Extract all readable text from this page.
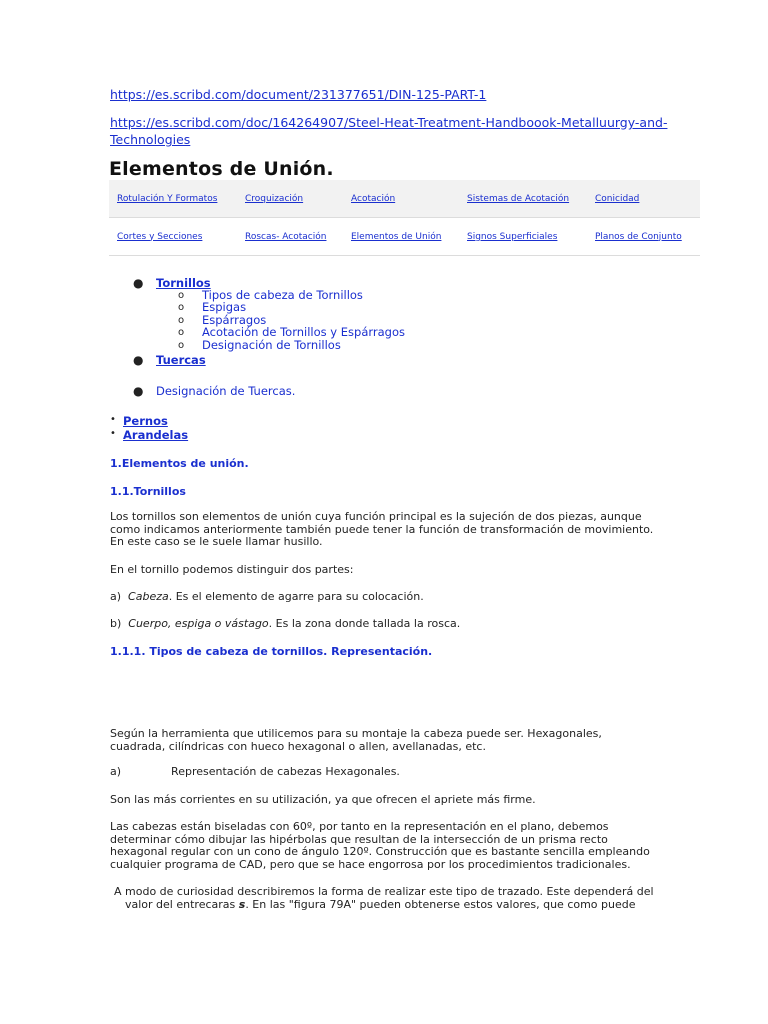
https://es.scribd.com/document/231377651/DIN-125-PART-1
https://es.scribd.com/doc/164264907/Steel-Heat-Treatment-Handboook-Metalluurgy-and-
Technologies
Elementos de Unión.
Rotulación Y Formatos	Croquización	Acotación	Sistemas de Acotación	Conicidad
Cortes y Secciones	Roscas- Acotación	Elementos de Unión	Signos Superficiales	Planos de Conjunto
● Tornillos
o Tipos de cabeza de Tornillos
o Espigas
o Espárragos
o Acotación de Tornillos y Espárragos
o Designación de Tornillos
● Tuercas
● Designación de Tuercas.
• Pernos
• Arandelas
1.Elementos de unión.
1.1.Tornillos
Los tornillos son elementos de unión cuya función principal es la sujeción de dos piezas, aunque
como indicamos anteriormente también puede tener la función de transformación de movimiento.
En este caso se le suele llamar husillo.
En el tornillo podemos distinguir dos partes:
a) Cabeza. Es el elemento de agarre para su colocación.
b) Cuerpo, espiga o vástago. Es la zona donde tallada la rosca.
1.1.1. Tipos de cabeza de tornillos. Representación.
Según la herramienta que utilicemos para su montaje la cabeza puede ser. Hexagonales,
cuadrada, cilíndricas con hueco hexagonal o allen, avellanadas, etc.
a)	Representación de cabezas Hexagonales.
Son las más corrientes en su utilización, ya que ofrecen el apriete más firme.
Las cabezas están biseladas con 60º, por tanto en la representación en el plano, debemos
determinar cómo dibujar las hipérbolas que resultan de la intersección de un prisma recto
hexagonal regular con un cono de ángulo 120º. Construcción que es bastante sencilla empleando
cualquier programa de CAD, pero que se hace engorrosa por los procedimientos tradicionales.
A modo de curiosidad describiremos la forma de realizar este tipo de trazado. Este dependerá del
valor del entrecaras s. En las "figura 79A" pueden obtenerse estos valores, que como puede
